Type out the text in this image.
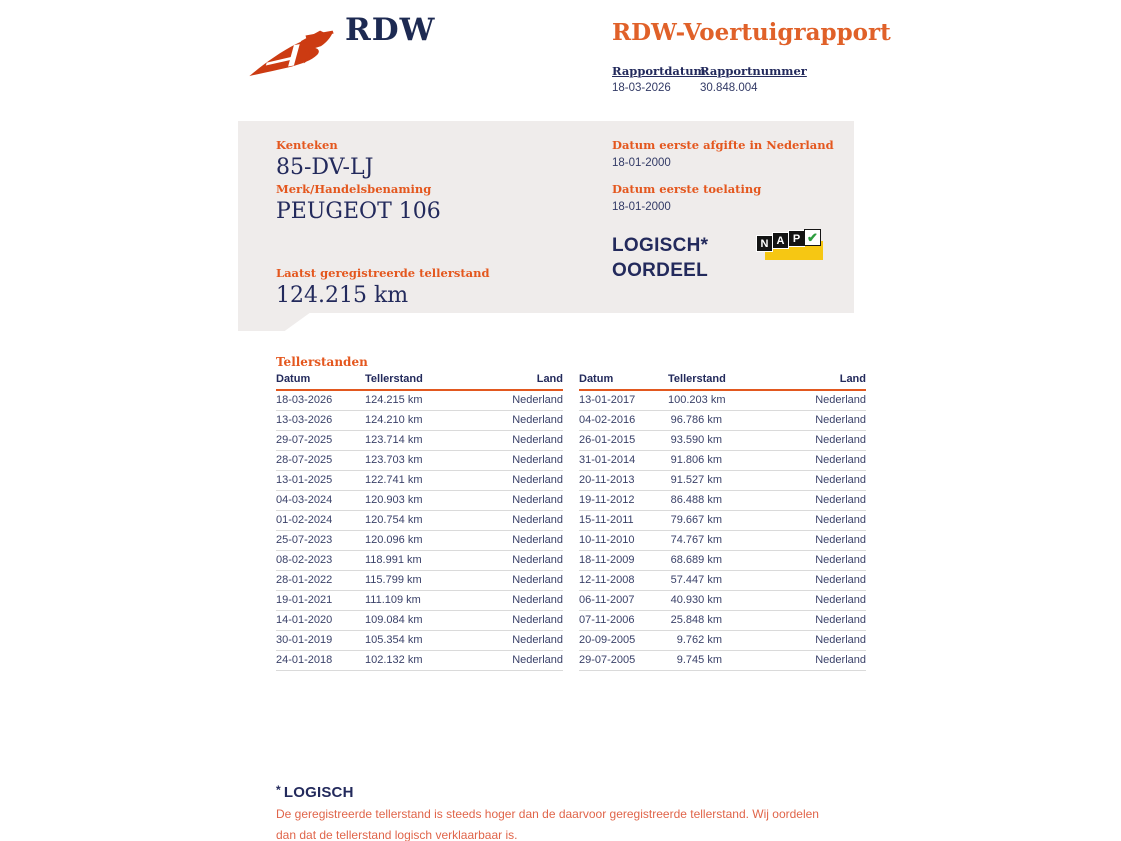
RDW	RDW-Voertuigrapport
Rapportdatum
18-03-2026
Rapportnummer
30.848.004
Kenteken
85-DV-LJ
Merk/Handelsbenaming
PEUGEOT 106
Laatst geregistreerde tellerstand
124.215 km
Datum eerste afgifte in Nederland
18-01-2000
Datum eerste toelating
18-01-2000
LOGISCH*
OORDEEL
N A P ✔
Tellerstanden
Datum	Tellerstand	Land
18-03-2026	124.215 km	Nederland
13-03-2026	124.210 km	Nederland
29-07-2025	123.714 km	Nederland
28-07-2025	123.703 km	Nederland
13-01-2025	122.741 km	Nederland
04-03-2024	120.903 km	Nederland
01-02-2024	120.754 km	Nederland
25-07-2023	120.096 km	Nederland
08-02-2023	118.991 km	Nederland
28-01-2022	115.799 km	Nederland
19-01-2021	111.109 km	Nederland
14-01-2020	109.084 km	Nederland
30-01-2019	105.354 km	Nederland
24-01-2018	102.132 km	Nederland
Datum	Tellerstand	Land
13-01-2017	100.203 km	Nederland
04-02-2016	96.786 km	Nederland
26-01-2015	93.590 km	Nederland
31-01-2014	91.806 km	Nederland
20-11-2013	91.527 km	Nederland
19-11-2012	86.488 km	Nederland
15-11-2011	79.667 km	Nederland
10-11-2010	74.767 km	Nederland
18-11-2009	68.689 km	Nederland
12-11-2008	57.447 km	Nederland
06-11-2007	40.930 km	Nederland
07-11-2006	25.848 km	Nederland
20-09-2005	9.762 km	Nederland
29-07-2005	9.745 km	Nederland
* LOGISCH

De geregistreerde tellerstand is steeds hoger dan de daarvoor geregistreerde tellerstand. Wij oordelen dan dat de tellerstand logisch verklaarbaar is.
